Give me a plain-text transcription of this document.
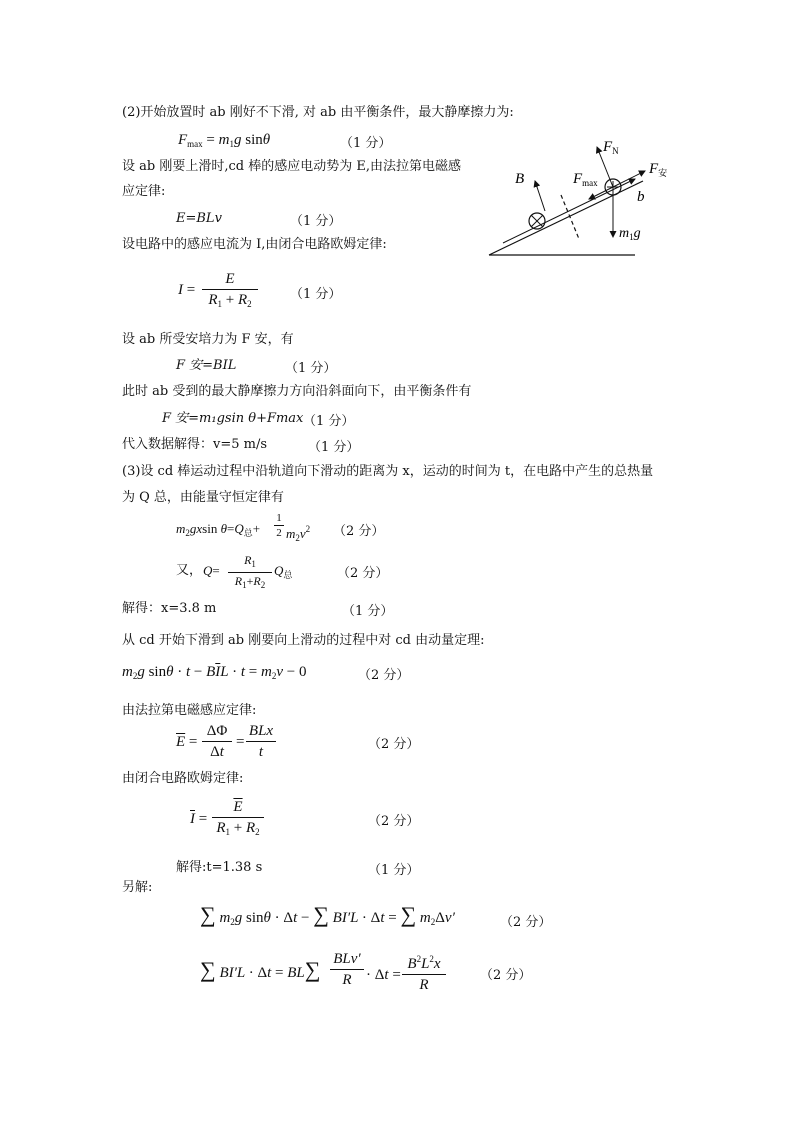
(2)开始放置时 ab 刚好不下滑, 对 ab 由平衡条件，最大静摩擦力为:
$F_{max} = m_1g$ sinθ	（1 分）
设 ab 刚要上滑时,cd 棒的感应电动势为 E,由法拉第电磁感
应定律:
E=BLv	（1 分）
设电路中的感应电流为 I,由闭合电路欧姆定律:
I =
E
$R_1 + R_2$
（1 分）
设 ab 所受安培力为 F 安，有
F 安=BIL	（1 分）
此时 ab 受到的最大静摩擦力方向沿斜面向下，由平衡条件有
F 安=m₁gsin θ+Fmax （1 分）
代入数据解得：v=5 m/s	（1 分）
(3)设 cd 棒运动过程中沿轨道向下滑动的距离为 x，运动的时间为 t，在电路中产生的总热量
为 Q 总，由能量守恒定律有
$m_2gxsin$ $\theta=Q_总+$
1
2 $m_2v^2$ （2 分）
又， Q=
$R_1$
$R_1+R_2$
$Q_总$	（2 分）
解得：x=3.8 m	（1 分）
从 cd 开始下滑到 ab 刚要向上滑动的过程中对 cd 由动量定理:
$m_2g$ $\sin\theta \cdot t - B\overline{I}L \cdot t = m_2v - 0$	（2 分）
由法拉第电磁感应定律:
$\overline{E}$ =
ΔΦ
Δt
=
BLx
t	（2 分）
由闭合电路欧姆定律:
$\overline{I}$ =
$\overline{E}$
$R_1 + R_2$
（2 分）
解得:t=1.38 s	（1 分）
另解:
∑ $m_2g$ sinθ · Δt − ∑ BI′L · Δt = ∑ $m_2\Delta v'$	（2 分）
∑ BI′L · Δt = BL∑ BLv′
R · Δt =
$B^2L^2x$
R
（2 分）
$F_N$
$F_安$
$F_{max}$
B
b
$m_1g$
